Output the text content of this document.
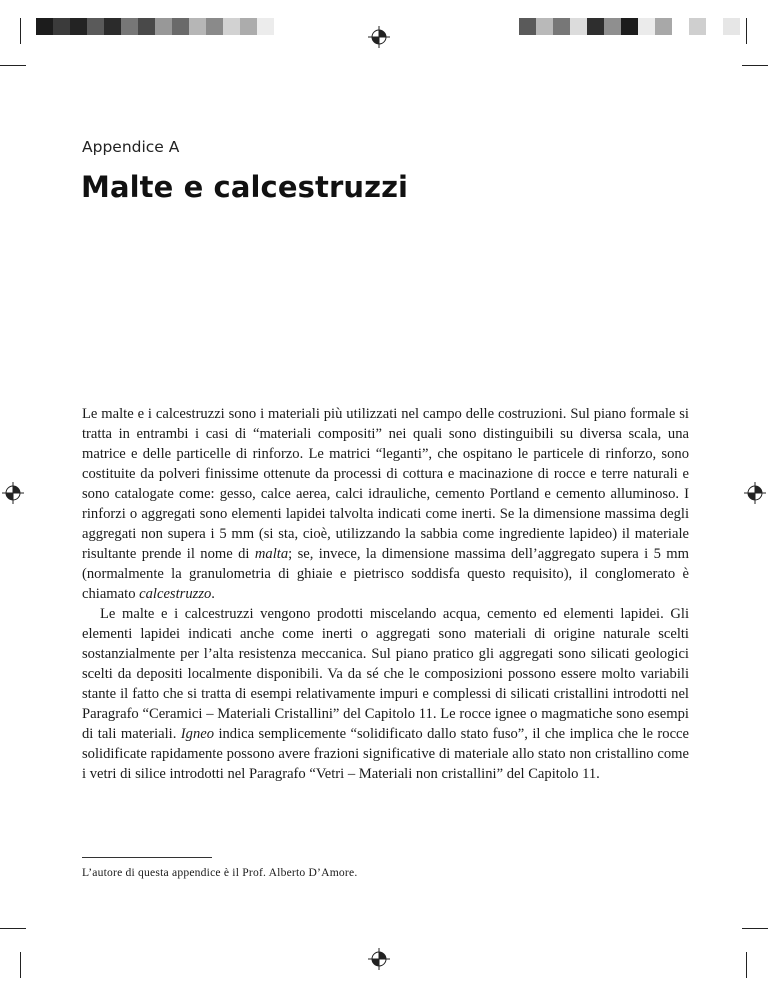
Appendice A
Malte e calcestruzzi

Le malte e i calcestruzzi sono i materiali più utilizzati nel campo delle costruzioni. Sul piano formale si tratta in entrambi i casi di “materiali compositi” nei quali sono distinguibili su diversa scala, una matrice e delle particelle di rinforzo. Le matrici “leganti”, che ospitano le particele di rinforzo, sono costituite da polveri finissime ottenute da processi di cottura e macinazione di rocce e terre naturali e sono catalogate come: gesso, calce aerea, calci idrauliche, cemento Portland e cemento alluminoso. I rinforzi o aggregati sono elementi lapidei talvolta indicati come inerti. Se la dimensione massima degli aggregati non supera i 5 mm (si sta, cioè, utilizzando la sabbia come ingrediente lapideo) il materiale risultante prende il nome di malta; se, invece, la dimensione massima dell’aggregato supera i 5 mm (normalmente la granulometria di ghiaie e pietrisco soddisfa questo requisito), il conglomerato è chiamato calcestruzzo.

Le malte e i calcestruzzi vengono prodotti miscelando acqua, cemento ed elementi lapidei. Gli elementi lapidei indicati anche come inerti o aggregati sono materiali di origine naturale scelti sostanzialmente per l’alta resistenza meccanica. Sul piano pratico gli aggregati sono silicati geologici scelti da depositi localmente disponibili. Va da sé che le composizioni possono essere molto variabili stante il fatto che si tratta di esempi relativamente impuri e complessi di silicati cristallini introdotti nel Paragrafo “Ceramici – Materiali Cristallini” del Capitolo 11. Le rocce ignee o magmatiche sono esempi di tali materiali. Igneo indica semplicemente “solidificato dallo stato fuso”, il che implica che le rocce solidificate rapidamente possono avere frazioni significative di materiale allo stato non cristallino come i vetri di silice introdotti nel Paragrafo “Vetri – Materiali non cristallini” del Capitolo 11.

L’autore di questa appendice è il Prof. Alberto D’Amore.
